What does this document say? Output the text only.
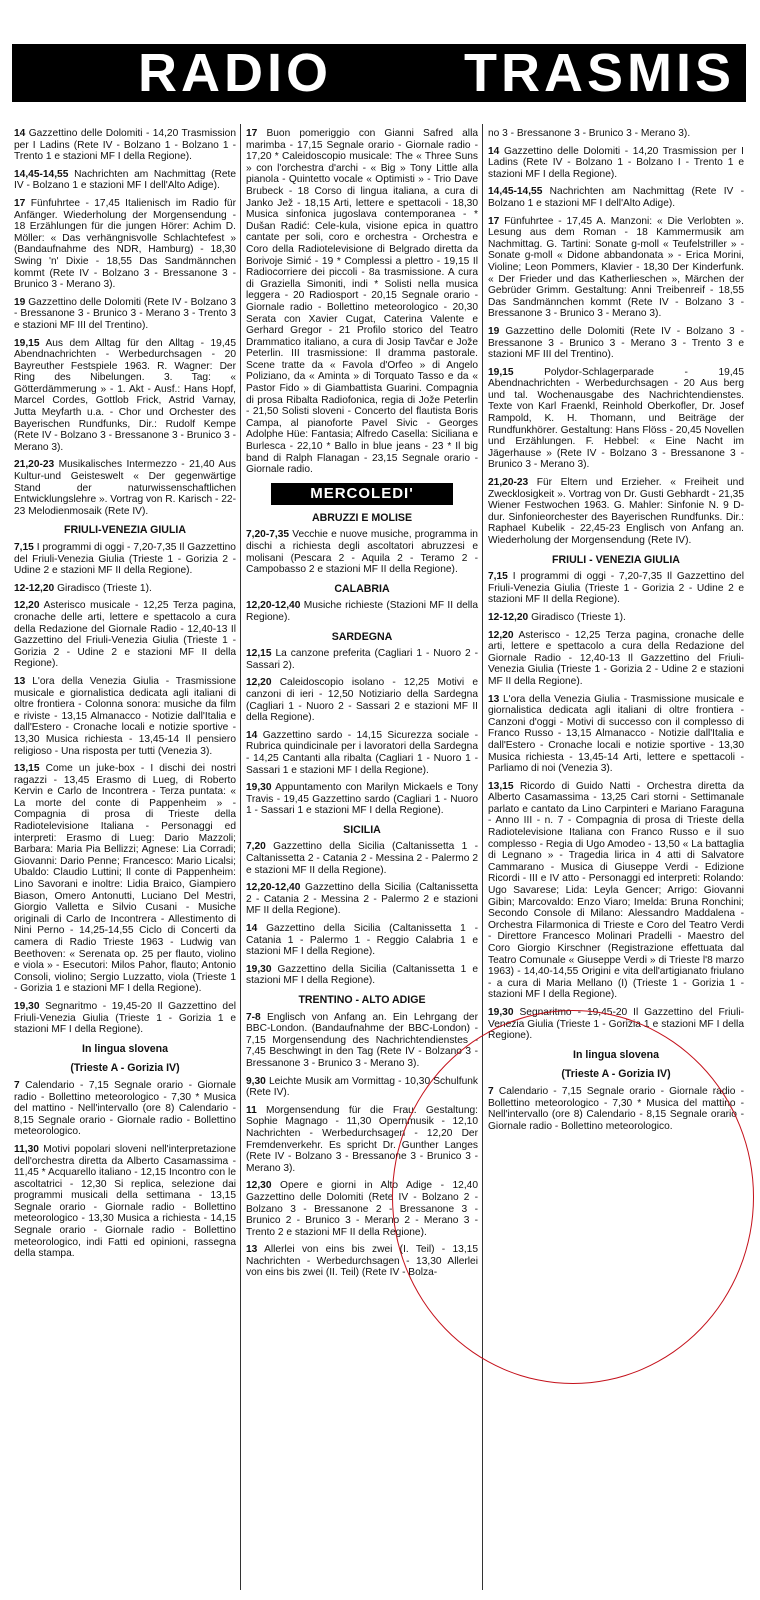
RADIO TRASMIS

14 Gazzettino delle Dolomiti - 14,20 Trasmission per I Ladins (Rete IV - Bolzano 1 - Bolzano 1 - Trento 1 e stazioni MF I della Regione).

14,45-14,55 Nachrichten am Nachmittag (Rete IV - Bolzano 1 e stazioni MF I dell'Alto Adige).

17 Fünfuhrtee - 17,45 Italienisch im Radio für Anfänger. Wiederholung der Morgensendung - 18 Erzählungen für die jungen Hörer: Achim D. Möller: « Das verhängnisvolle Schlachtefest » (Bandaufnahme des NDR, Hamburg) - 18,30 Swing 'n' Dixie - 18,55 Das Sandmännchen kommt (Rete IV - Bolzano 3 - Bressanone 3 - Brunico 3 - Merano 3).

19 Gazzettino delle Dolomiti (Rete IV - Bolzano 3 - Bressanone 3 - Brunico 3 - Merano 3 - Trento 3 e stazioni MF III del Trentino).

19,15 Aus dem Alltag für den Alltag - 19,45 Abendnachrichten - Werbedurchsagen - 20 Bayreuther Festspiele 1963. R. Wagner: Der Ring des Nibelungen. 3. Tag: « Götterdämmerung » - 1. Akt - Ausf.: Hans Hopf, Marcel Cordes, Gottlob Frick, Astrid Varnay, Jutta Meyfarth u.a. - Chor und Orchester des Bayerischen Rundfunks, Dir.: Rudolf Kempe (Rete IV - Bolzano 3 - Bressanone 3 - Brunico 3 - Merano 3).

21,20-23 Musikalisches Intermezzo - 21,40 Aus Kultur-und Geisteswelt « Der gegenwärtige Stand der naturwissenschaftlichen Entwicklungslehre ». Vortrag von R. Karisch - 22-23 Melodienmosaik (Rete IV).

FRIULI-VENEZIA GIULIA

7,15 I programmi di oggi - 7,20-7,35 Il Gazzettino del Friuli-Venezia Giulia (Trieste 1 - Gorizia 2 - Udine 2 e stazioni MF II della Regione).

12-12,20 Giradisco (Trieste 1).

12,20 Asterisco musicale - 12,25 Terza pagina, cronache delle arti, lettere e spettacolo a cura della Redazione del Giornale Radio - 12,40-13 Il Gazzettino del Friuli-Venezia Giulia (Trieste 1 - Gorizia 2 - Udine 2 e stazioni MF II della Regione).

13 L'ora della Venezia Giulia - Trasmissione musicale e giornalistica dedicata agli italiani di oltre frontiera - Colonna sonora: musiche da film e riviste - 13,15 Almanacco - Notizie dall'Italia e dall'Estero - Cronache locali e notizie sportive - 13,30 Musica richiesta - 13,45-14 Il pensiero religioso - Una risposta per tutti (Venezia 3).

13,15 Come un juke-box - I dischi dei nostri ragazzi - 13,45 Erasmo di Lueg, di Roberto Kervin e Carlo de Incontrera - Terza puntata: « La morte del conte di Pappenheim » - Compagnia di prosa di Trieste della Radiotelevisione Italiana - Personaggi ed interpreti: Erasmo di Lueg: Dario Mazzoli; Barbara: Maria Pia Bellizzi; Agnese: Lia Corradi; Giovanni: Dario Penne; Francesco: Mario Licalsi; Ubaldo: Claudio Luttini; Il conte di Pappenheim: Lino Savorani e inoltre: Lidia Braico, Giampiero Biason, Omero Antonutti, Luciano Del Mestri, Giorgio Valletta e Silvio Cusani - Musiche originali di Carlo de Incontrera - Allestimento di Nini Perno - 14,25-14,55 Ciclo di Concerti da camera di Radio Trieste 1963 - Ludwig van Beethoven: « Serenata op. 25 per flauto, violino e viola » - Esecutori: Milos Pahor, flauto; Antonio Consoli, violino; Sergio Luzzatto, viola (Trieste 1 - Gorizia 1 e stazioni MF I della Regione).

19,30 Segnaritmo - 19,45-20 Il Gazzettino del Friuli-Venezia Giulia (Trieste 1 - Gorizia 1 e stazioni MF I della Regione).

In lingua slovena
(Trieste A - Gorizia IV)

7 Calendario - 7,15 Segnale orario - Giornale radio - Bollettino meteorologico - 7,30 * Musica del mattino - Nell'intervallo (ore 8) Calendario - 8,15 Segnale orario - Giornale radio - Bollettino meteorologico.

11,30 Motivi popolari sloveni nell'interpretazione dell'orchestra diretta da Alberto Casamassima - 11,45 * Acquarello italiano - 12,15 Incontro con le ascoltatrici - 12,30 Si replica, selezione dai programmi musicali della settimana - 13,15 Segnale orario - Giornale radio - Bollettino meteorologico - 13,30 Musica a richiesta - 14,15 Segnale orario - Giornale radio - Bollettino meteorologico, indi Fatti ed opinioni, rassegna della stampa.

17 Buon pomeriggio con Gianni Safred alla marimba - 17,15 Segnale orario - Giornale radio - 17,20 * Caleidoscopio musicale: The « Three Suns » con l'orchestra d'archi - « Big » Tony Little alla pianola - Quintetto vocale « Optimisti » - Trio Dave Brubeck - 18 Corso di lingua italiana, a cura di Janko Jež - 18,15 Arti, lettere e spettacoli - 18,30 Musica sinfonica jugoslava contemporanea - * Dušan Radić: Cele-kula, visione epica in quattro cantate per soli, coro e orchestra - Orchestra e Coro della Radiotelevisione di Belgrado diretta da Borivoje Simić - 19 * Complessi a plettro - 19,15 Il Radiocorriere dei piccoli - 8a trasmissione. A cura di Graziella Simoniti, indi * Solisti nella musica leggera - 20 Radiosport - 20,15 Segnale orario - Giornale radio - Bollettino meteorologico - 20,30 Serata con Xavier Cugat, Caterina Valente e Gerhard Gregor - 21 Profilo storico del Teatro Drammatico italiano, a cura di Josip Tavčar e Jože Peterlin. III trasmissione: Il dramma pastorale. Scene tratte da « Favola d'Orfeo » di Angelo Poliziano, da « Aminta » di Torquato Tasso e da « Pastor Fido » di Giambattista Guarini. Compagnia di prosa Ribalta Radiofonica, regia di Jože Peterlin - 21,50 Solisti sloveni - Concerto del flautista Boris Campa, al pianoforte Pavel Sivic - Georges Adolphe Hüe: Fantasia; Alfredo Casella: Siciliana e Burlesca - 22,10 * Ballo in blue jeans - 23 * Il big band di Ralph Flanagan - 23,15 Segnale orario - Giornale radio.

MERCOLEDI'
ABRUZZI E MOLISE

7,20-7,35 Vecchie e nuove musiche, programma in dischi a richiesta degli ascoltatori abruzzesi e molisani (Pescara 2 - Aquila 2 - Teramo 2 - Campobasso 2 e stazioni MF II della Regione).

CALABRIA

12,20-12,40 Musiche richieste (Stazioni MF II della Regione).

SARDEGNA

12,15 La canzone preferita (Cagliari 1 - Nuoro 2 - Sassari 2).

12,20 Caleidoscopio isolano - 12,25 Motivi e canzoni di ieri - 12,50 Notiziario della Sardegna (Cagliari 1 - Nuoro 2 - Sassari 2 e stazioni MF II della Regione).

14 Gazzettino sardo - 14,15 Sicurezza sociale - Rubrica quindicinale per i lavoratori della Sardegna - 14,25 Cantanti alla ribalta (Cagliari 1 - Nuoro 1 - Sassari 1 e stazioni MF I della Regione).

19,30 Appuntamento con Marilyn Mickaels e Tony Travis - 19,45 Gazzettino sardo (Cagliari 1 - Nuoro 1 - Sassari 1 e stazioni MF I della Regione).

SICILIA

7,20 Gazzettino della Sicilia (Caltanissetta 1 - Caltanissetta 2 - Catania 2 - Messina 2 - Palermo 2 e stazioni MF II della Regione).

12,20-12,40 Gazzettino della Sicilia (Caltanissetta 2 - Catania 2 - Messina 2 - Palermo 2 e stazioni MF II della Regione).

14 Gazzettino della Sicilia (Caltanissetta 1 - Catania 1 - Palermo 1 - Reggio Calabria 1 e stazioni MF I della Regione).

19,30 Gazzettino della Sicilia (Caltanissetta 1 e stazioni MF I della Regione).

TRENTINO - ALTO ADIGE

7-8 Englisch von Anfang an. Ein Lehrgang der BBC-London. (Bandaufnahme der BBC-London) - 7,15 Morgensendung des Nachrichtendienstes - 7,45 Beschwingt in den Tag (Rete IV - Bolzano 3 - Bressanone 3 - Brunico 3 - Merano 3).

9,30 Leichte Musik am Vormittag - 10,30 Schulfunk (Rete IV).

11 Morgensendung für die Frau. Gestaltung: Sophie Magnago - 11,30 Opernmusik - 12,10 Nachrichten - Werbedurchsagen - 12,20 Der Fremdenverkehr. Es spricht Dr. Gunther Langes (Rete IV - Bolzano 3 - Bressanone 3 - Brunico 3 - Merano 3).

12,30 Opere e giorni in Alto Adige - 12,40 Gazzettino delle Dolomiti (Rete IV - Bolzano 2 - Bolzano 3 - Bressanone 2 - Bressanone 3 - Brunico 2 - Brunico 3 - Merano 2 - Merano 3 - Trento 2 e stazioni MF II della Regione).

13 Allerlei von eins bis zwei (I. Teil) - 13,15 Nachrichten - Werbedurchsagen - 13,30 Allerlei von eins bis zwei (II. Teil) (Rete IV - Bolza-

no 3 - Bressanone 3 - Brunico 3 - Merano 3).

14 Gazzettino delle Dolomiti - 14,20 Trasmission per I Ladins (Rete IV - Bolzano 1 - Bolzano I - Trento 1 e stazioni MF I della Regione).

14,45-14,55 Nachrichten am Nachmittag (Rete IV - Bolzano 1 e stazioni MF I dell'Alto Adige).

17 Fünfuhrtee - 17,45 A. Manzoni: « Die Verlobten ». Lesung aus dem Roman - 18 Kammermusik am Nachmittag. G. Tartini: Sonate g-moll « Teufelstriller » - Sonate g-moll « Didone abbandonata » - Erica Morini, Violine; Leon Pommers, Klavier - 18,30 Der Kinderfunk. « Der Frieder und das Katherlieschen », Märchen der Gebrüder Grimm. Gestaltung: Anni Treibenreif - 18,55 Das Sandmännchen kommt (Rete IV - Bolzano 3 - Bressanone 3 - Brunico 3 - Merano 3).

19 Gazzettino delle Dolomiti (Rete IV - Bolzano 3 - Bressanone 3 - Brunico 3 - Merano 3 - Trento 3 e stazioni MF III del Trentino).

19,15	Polydor-Schlagerparade - 19,45 Abendnachrichten - Werbedurchsagen - 20 Aus berg und tal. Wochenausgabe des Nachrichtendienstes. Texte von Karl Fraenkl, Reinhold Oberkofler, Dr. Josef Rampold, K. H. Thomann, und Beiträge der Rundfunkhörer. Gestaltung: Hans Flöss - 20,45 Novellen und Erzählungen. F. Hebbel: « Eine Nacht im Jägerhause » (Rete IV - Bolzano 3 - Bressanone 3 - Brunico 3 - Merano 3).

21,20-23 Für Eltern und Erzieher. « Freiheit und Zwecklosigkeit ». Vortrag von Dr. Gusti Gebhardt - 21,35 Wiener Festwochen 1963. G. Mahler: Sinfonie N. 9 D-dur. Sinfonieorchester des Bayerischen Rundfunks. Dir.: Raphael Kubelik - 22,45-23 Englisch von Anfang an. Wiederholung der Morgensendung (Rete IV).

FRIULI - VENEZIA GIULIA

7,15 I programmi di oggi - 7,20-7,35 Il Gazzettino del Friuli-Venezia Giulia (Trieste 1 - Gorizia 2 - Udine 2 e stazioni MF II della Regione).

12-12,20 Giradisco (Trieste 1).

12,20 Asterisco - 12,25 Terza pagina, cronache delle arti, lettere e spettacolo a cura della Redazione del Giornale Radio - 12,40-13 Il Gazzettino del Friuli-Venezia Giulia (Trieste 1 - Gorizia 2 - Udine 2 e stazioni MF II della Regione).

13 L'ora della Venezia Giulia - Trasmissione musicale e giornalistica dedicata agli italiani di oltre frontiera - Canzoni d'oggi - Motivi di successo con il complesso di Franco Russo - 13,15 Almanacco - Notizie dall'Italia e dall'Estero - Cronache locali e notizie sportive - 13,30 Musica richiesta - 13,45-14 Arti, lettere e spettacoli - Parliamo di noi (Venezia 3).

13,15 Ricordo di Guido Natti - Orchestra diretta da Alberto Casamassima - 13,25 Cari storni - Settimanale parlato e cantato da Lino Carpinteri e Mariano Faraguna - Anno III - n. 7 - Compagnia di prosa di Trieste della Radiotelevisione Italiana con Franco Russo e il suo complesso - Regia di Ugo Amodeo - 13,50 « La battaglia di Legnano » - Tragedia lirica in 4 atti di Salvatore Cammarano - Musica di Giuseppe Verdi - Edizione Ricordi - III e IV atto - Personaggi ed interpreti: Rolando: Ugo Savarese; Lida: Leyla Gencer; Arrigo: Giovanni Gibin; Marcovaldo: Enzo Viaro; Imelda: Bruna Ronchini; Secondo Console di Milano: Alessandro Maddalena - Orchestra Filarmonica di Trieste e Coro del Teatro Verdi - Direttore Francesco Molinari Pradelli - Maestro del Coro Giorgio Kirschner (Registrazione effettuata dal Teatro Comunale « Giuseppe Verdi » di Trieste l'8 marzo 1963) - 14,40-14,55 Origini e vita dell'artigianato friulano - a cura di Maria Mellano (I) (Trieste 1 - Gorizia 1 - stazioni MF I della Regione).

19,30 Segnaritmo - 19,45-20 Il Gazzettino del Friuli-Venezia Giulia (Trieste 1 - Gorizia 1 e stazioni MF I della Regione).

In lingua slovena
(Trieste A - Gorizia IV)

7 Calendario - 7,15 Segnale orario - Giornale radio - Bollettino meteorologico - 7,30 * Musica del mattino - Nell'intervallo (ore 8) Calendario - 8,15 Segnale orario - Giornale radio - Bollettino meteorologico.
